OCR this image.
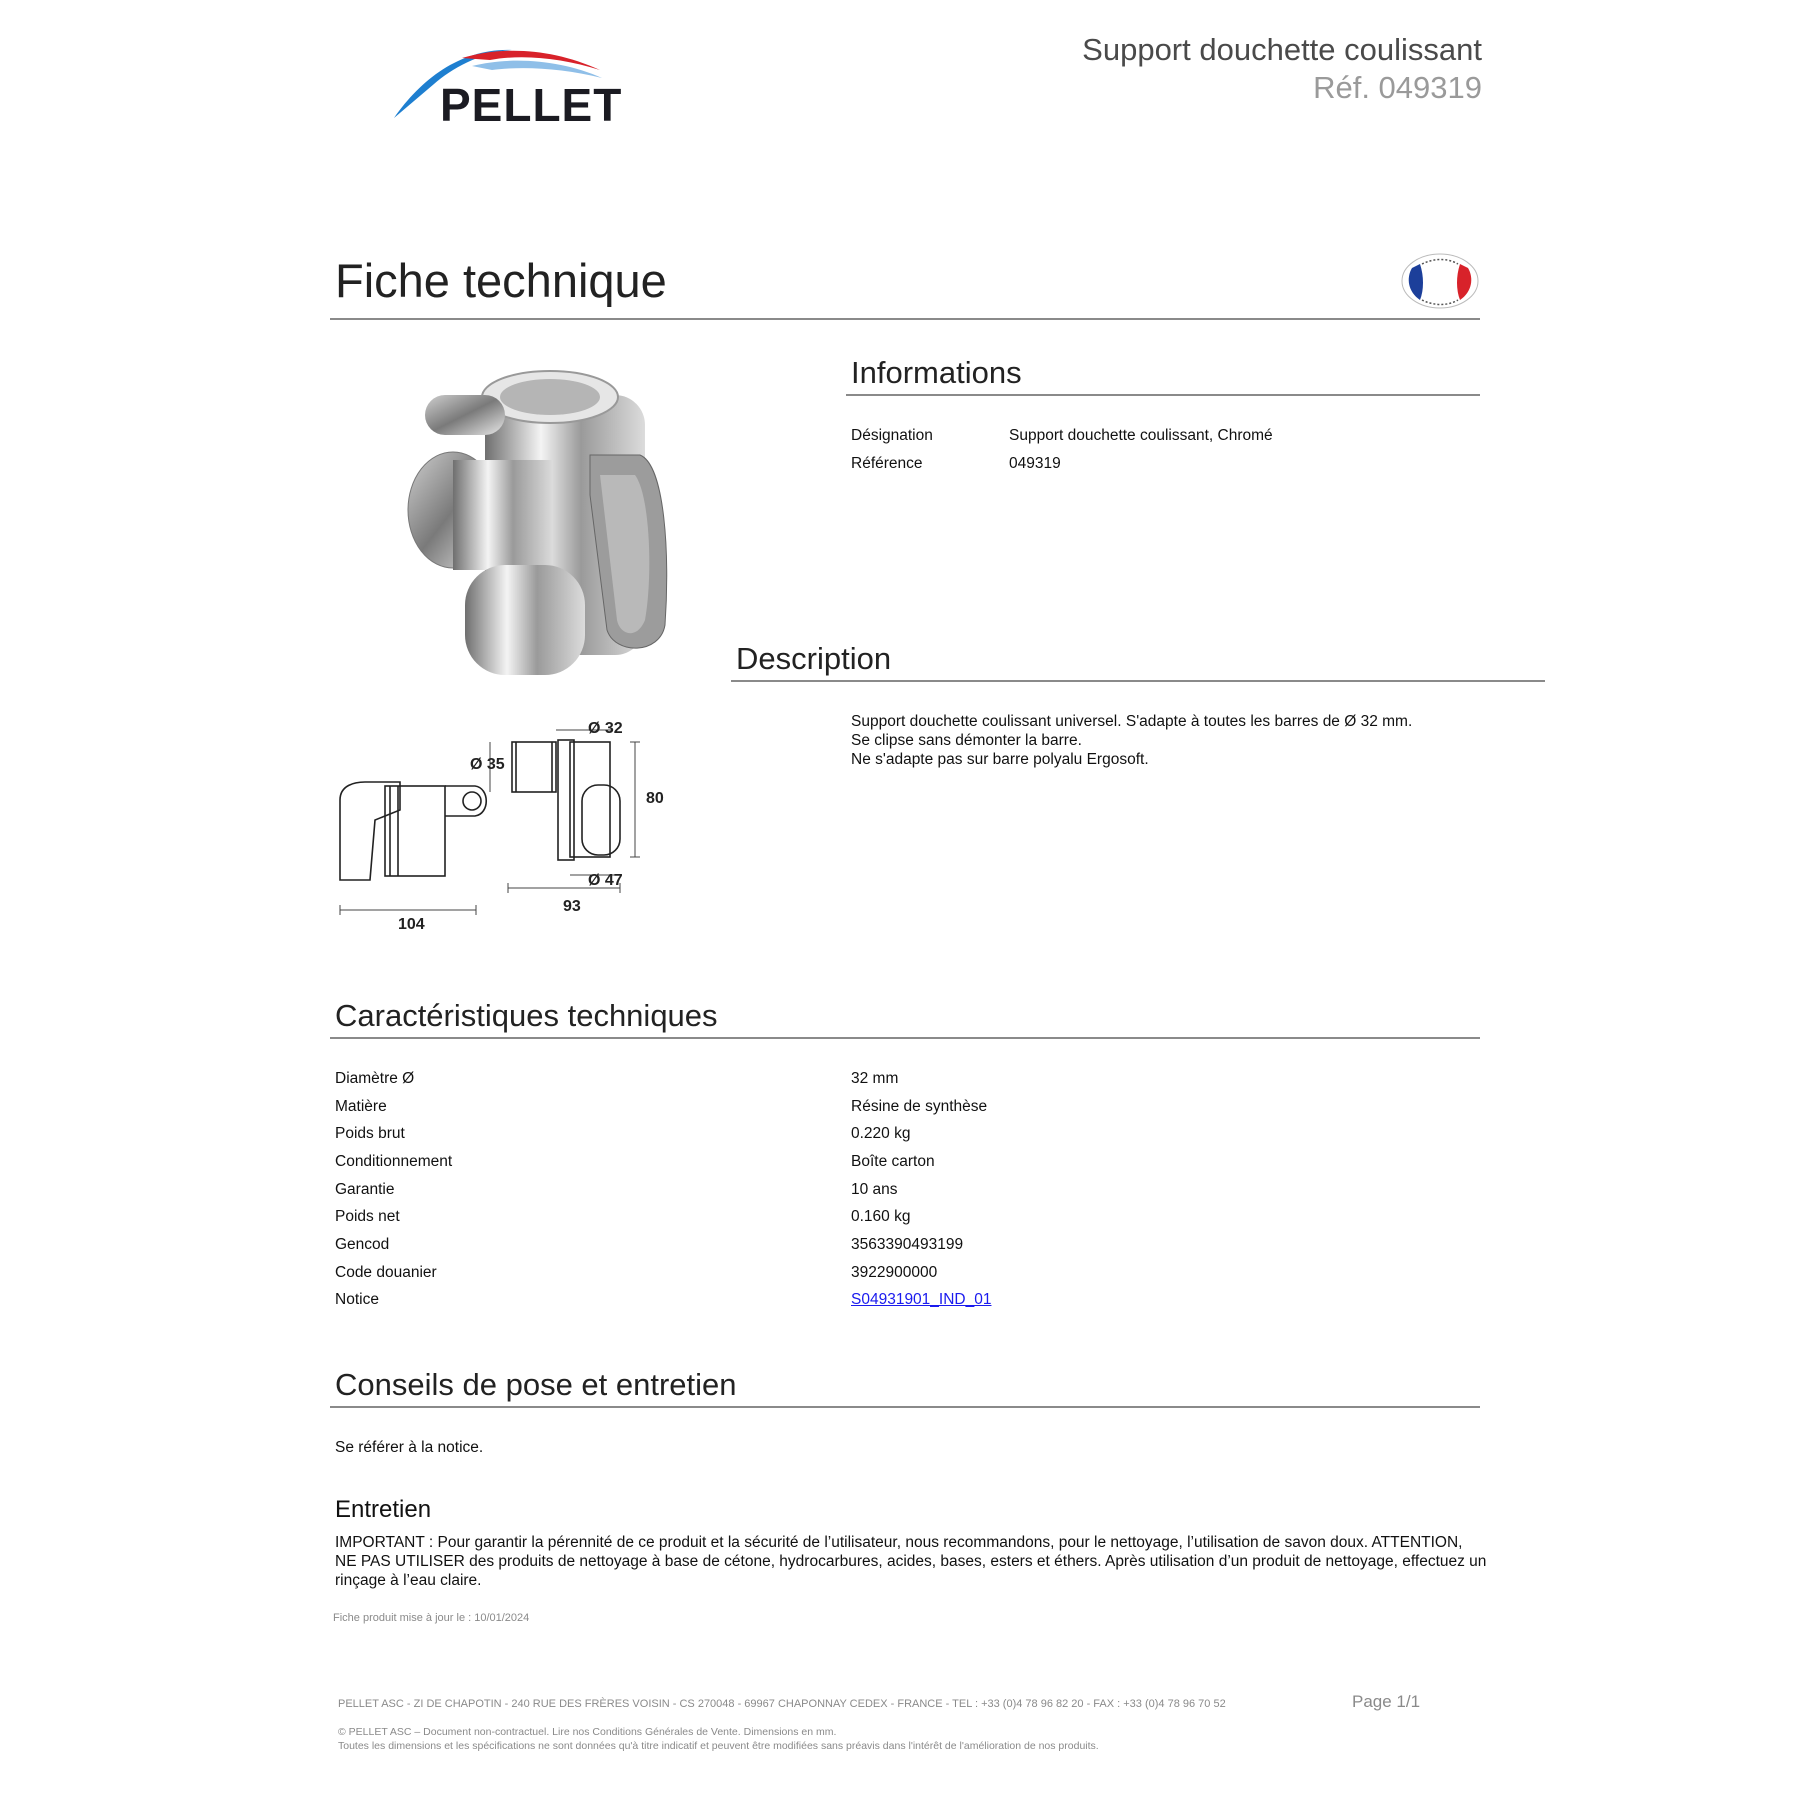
PELLET
Support douchette coulissant
Réf. 049319
Fiche technique
Ø 32
Ø 35
80
Ø 47
93
104
Informations
Désignation	Support douchette coulissant, Chromé
Référence	049319
Description
Support douchette coulissant universel. S'adapte à toutes les barres de Ø 32 mm.
Se clipse sans démonter la barre.
Ne s'adapte pas sur barre polyalu Ergosoft.
Caractéristiques techniques
Diamètre Ø	32 mm
Matière	Résine de synthèse
Poids brut	0.220 kg
Conditionnement	Boîte carton
Garantie	10 ans
Poids net	0.160 kg
Gencod	3563390493199
Code douanier	3922900000
Notice	S04931901_IND_01
Conseils de pose et entretien
Se référer à la notice.
Entretien
IMPORTANT : Pour garantir la pérennité de ce produit et la sécurité de l’utilisateur, nous recommandons, pour le nettoyage, l’utilisation de savon doux. ATTENTION,
NE PAS UTILISER des produits de nettoyage à base de cétone, hydrocarbures, acides, bases, esters et éthers. Après utilisation d’un produit de nettoyage, effectuez un
rinçage à l’eau claire.
Fiche produit mise à jour le : 10/01/2024
PELLET ASC - ZI DE CHAPOTIN - 240 RUE DES FRÈRES VOISIN - CS 270048 - 69967 CHAPONNAY CEDEX - FRANCE - TEL : +33 (0)4 78 96 82 20 - FAX : +33 (0)4 78 96 70 52	Page 1/1
© PELLET ASC – Document non-contractuel. Lire nos Conditions Générales de Vente. Dimensions en mm.
Toutes les dimensions et les spécifications ne sont données qu'à titre indicatif et peuvent être modifiées sans préavis dans l'intérêt de l'amélioration de nos produits.
